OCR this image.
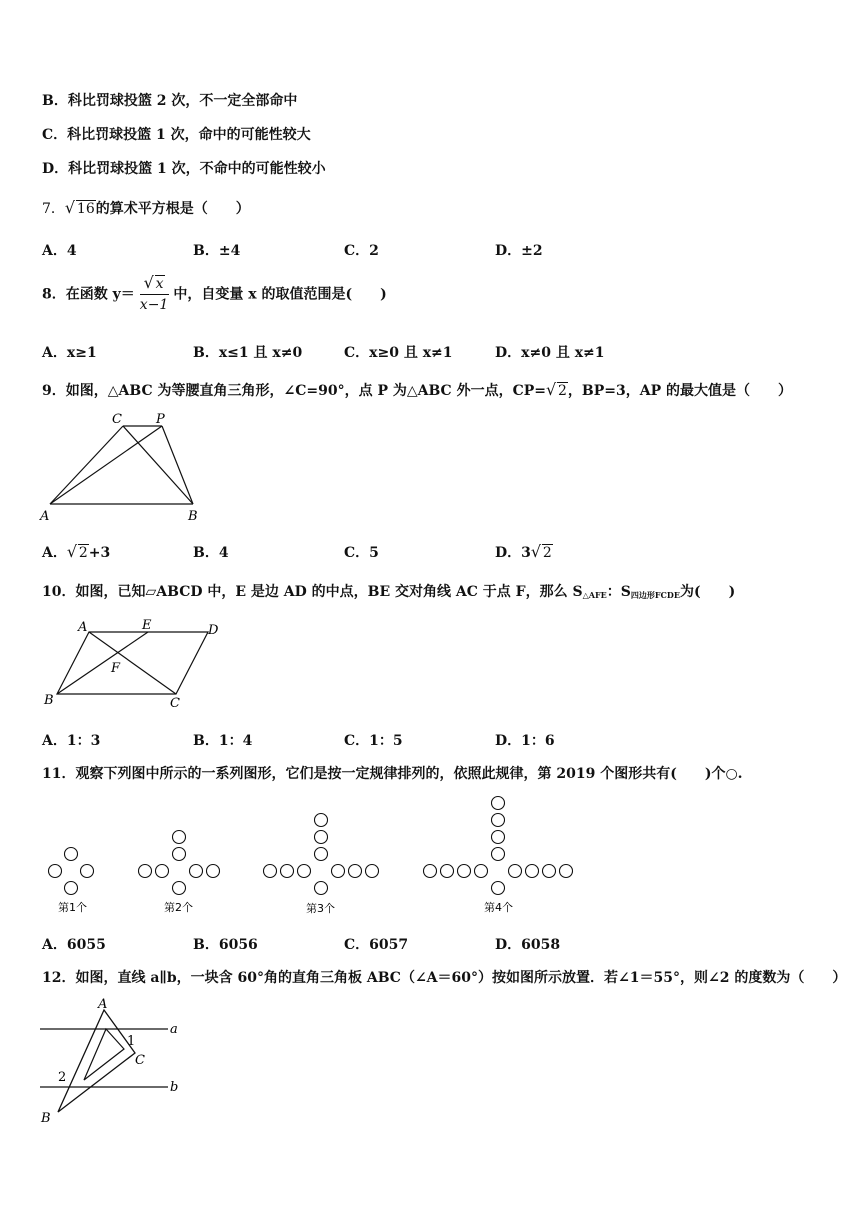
B．科比罚球投篮 2 次，不一定全部命中
C．科比罚球投篮 1 次，命中的可能性较大
D．科比罚球投篮 1 次，不命中的可能性较小
7． √ 16的算术平方根是（　　）
A．4	B．±4	C．2	D．±2
8．在函数 $y= \frac{√ x}{x-1}$ 中，自变量 x 的取值范围是(　　)
A．x≥1	B．x≤1 且 x≠0	C．x≥0 且 x≠1	D．x≠0 且 x≠1
9．如图，△ABC 为等腰直角三角形，∠C=90°，点 P 为△ABC 外一点，CP= √ 2，BP=3，AP 的最大值是（　　）
C	P
A	B
A． √ 2+3	B．4	C．5	D．3 √ 2
10．如图，已知▱ABCD 中，E 是边 AD 的中点，BE 交对角线 AC 于点 F，那么 $S_{\triangle AFE}$：$S_{四边形FCDE}$为(　　)
A	E	D
F
B	C
A．1：3	B．1：4	C．1：5	D．1：6
11．观察下列图中所示的一系列图形，它们是按一定规律排列的，依照此规律，第 2019 个图形共有(　　)个○.
第1个	第2个	第3个	第4个
A．6055	B．6056	C．6057	D．6058
12．如图，直线 a∥b，一块含 60°角的直角三角板 ABC（∠A＝60°）按如图所示放置．若∠1＝55°，则∠2 的度数为（　　）
A
a
1
C
2
b
B
